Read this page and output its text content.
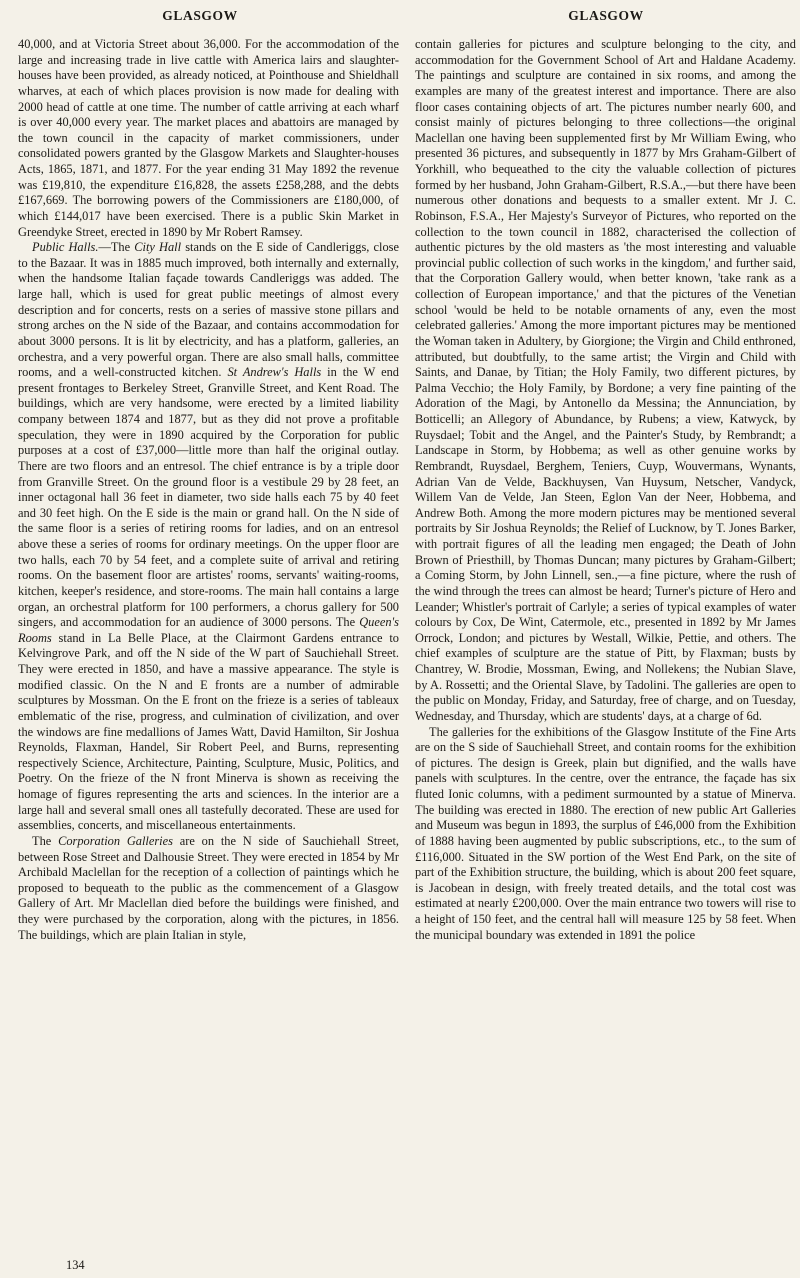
GLASGOW	GLASGOW

40,000, and at Victoria Street about 36,000. For the accommodation of the large and increasing trade in live cattle with America lairs and slaughter-houses have been provided, as already noticed, at Pointhouse and Shieldhall wharves, at each of which places provision is now made for dealing with 2000 head of cattle at one time. The number of cattle arriving at each wharf is over 40,000 every year. The market places and abattoirs are managed by the town council in the capacity of market commissioners, under consolidated powers granted by the Glasgow Markets and Slaughter-houses Acts, 1865, 1871, and 1877. For the year ending 31 May 1892 the revenue was £19,810, the expenditure £16,828, the assets £258,288, and the debts £167,669. The borrowing powers of the Commissioners are £180,000, of which £144,017 have been exercised. There is a public Skin Market in Greendyke Street, erected in 1890 by Mr Robert Ramsey.

Public Halls.—The City Hall stands on the E side of Candleriggs, close to the Bazaar. It was in 1885 much improved, both internally and externally, when the handsome Italian façade towards Candleriggs was added. The large hall, which is used for great public meetings of almost every description and for concerts, rests on a series of massive stone pillars and strong arches on the N side of the Bazaar, and contains accommodation for about 3000 persons. It is lit by electricity, and has a platform, galleries, an orchestra, and a very powerful organ. There are also small halls, committee rooms, and a well-constructed kitchen. St Andrew's Halls in the W end present frontages to Berkeley Street, Granville Street, and Kent Road. The buildings, which are very handsome, were erected by a limited liability company between 1874 and 1877, but as they did not prove a profitable speculation, they were in 1890 acquired by the Corporation for public purposes at a cost of £37,000—little more than half the original outlay. There are two floors and an entresol. The chief entrance is by a triple door from Granville Street. On the ground floor is a vestibule 29 by 28 feet, an inner octagonal hall 36 feet in diameter, two side halls each 75 by 40 feet and 30 feet high. On the E side is the main or grand hall. On the N side of the same floor is a series of retiring rooms for ladies, and on an entresol above these a series of rooms for ordinary meetings. On the upper floor are two halls, each 70 by 54 feet, and a complete suite of arrival and retiring rooms. On the basement floor are artistes' rooms, servants' waiting-rooms, kitchen, keeper's residence, and store-rooms. The main hall contains a large organ, an orchestral platform for 100 performers, a chorus gallery for 500 singers, and accommodation for an audience of 3000 persons. The Queen's Rooms stand in La Belle Place, at the Clairmont Gardens entrance to Kelvingrove Park, and off the N side of the W part of Sauchiehall Street. They were erected in 1850, and have a massive appearance. The style is modified classic. On the N and E fronts are a number of admirable sculptures by Mossman. On the E front on the frieze is a series of tableaux emblematic of the rise, progress, and culmination of civilization, and over the windows are fine medallions of James Watt, David Hamilton, Sir Joshua Reynolds, Flaxman, Handel, Sir Robert Peel, and Burns, representing respectively Science, Architecture, Painting, Sculpture, Music, Politics, and Poetry. On the frieze of the N front Minerva is shown as receiving the homage of figures representing the arts and sciences. In the interior are a large hall and several small ones all tastefully decorated. These are used for assemblies, concerts, and miscellaneous entertainments.

The Corporation Galleries are on the N side of Sauchiehall Street, between Rose Street and Dalhousie Street. They were erected in 1854 by Mr Archibald Maclellan for the reception of a collection of paintings which he proposed to bequeath to the public as the commencement of a Glasgow Gallery of Art. Mr Maclellan died before the buildings were finished, and they were purchased by the corporation, along with the pictures, in 1856. The buildings, which are plain Italian in style,

contain galleries for pictures and sculpture belonging to the city, and accommodation for the Government School of Art and Haldane Academy. The paintings and sculpture are contained in six rooms, and among the examples are many of the greatest interest and importance. There are also floor cases containing objects of art. The pictures number nearly 600, and consist mainly of pictures belonging to three collections—the original Maclellan one having been supplemented first by Mr William Ewing, who presented 36 pictures, and subsequently in 1877 by Mrs Graham-Gilbert of Yorkhill, who bequeathed to the city the valuable collection of pictures formed by her husband, John Graham-Gilbert, R.S.A.,—but there have been numerous other donations and bequests to a smaller extent. Mr J. C. Robinson, F.S.A., Her Majesty's Surveyor of Pictures, who reported on the collection to the town council in 1882, characterised the collection of authentic pictures by the old masters as 'the most interesting and valuable provincial public collection of such works in the kingdom,' and further said, that the Corporation Gallery would, when better known, 'take rank as a collection of European importance,' and that the pictures of the Venetian school 'would be held to be notable ornaments of any, even the most celebrated galleries.' Among the more important pictures may be mentioned the Woman taken in Adultery, by Giorgione; the Virgin and Child enthroned, attributed, but doubtfully, to the same artist; the Virgin and Child with Saints, and Danae, by Titian; the Holy Family, two different pictures, by Palma Vecchio; the Holy Family, by Bordone; a very fine painting of the Adoration of the Magi, by Antonello da Messina; the Annunciation, by Botticelli; an Allegory of Abundance, by Rubens; a view, Katwyck, by Ruysdael; Tobit and the Angel, and the Painter's Study, by Rembrandt; a Landscape in Storm, by Hobbema; as well as other genuine works by Rembrandt, Ruysdael, Berghem, Teniers, Cuyp, Wouvermans, Wynants, Adrian Van de Velde, Backhuysen, Van Huysum, Netscher, Vandyck, Willem Van de Velde, Jan Steen, Eglon Van der Neer, Hobbema, and Andrew Both. Among the more modern pictures may be mentioned several portraits by Sir Joshua Reynolds; the Relief of Lucknow, by T. Jones Barker, with portrait figures of all the leading men engaged; the Death of John Brown of Priesthill, by Thomas Duncan; many pictures by Graham-Gilbert; a Coming Storm, by John Linnell, sen.,—a fine picture, where the rush of the wind through the trees can almost be heard; Turner's picture of Hero and Leander; Whistler's portrait of Carlyle; a series of typical examples of water colours by Cox, De Wint, Catermole, etc., presented in 1892 by Mr James Orrock, London; and pictures by Westall, Wilkie, Pettie, and others. The chief examples of sculpture are the statue of Pitt, by Flaxman; busts by Chantrey, W. Brodie, Mossman, Ewing, and Nollekens; the Nubian Slave, by A. Rossetti; and the Oriental Slave, by Tadolini. The galleries are open to the public on Monday, Friday, and Saturday, free of charge, and on Tuesday, Wednesday, and Thursday, which are students' days, at a charge of 6d.

The galleries for the exhibitions of the Glasgow Institute of the Fine Arts are on the S side of Sauchiehall Street, and contain rooms for the exhibition of pictures. The design is Greek, plain but dignified, and the walls have panels with sculptures. In the centre, over the entrance, the façade has six fluted Ionic columns, with a pediment surmounted by a statue of Minerva. The building was erected in 1880. The erection of new public Art Galleries and Museum was begun in 1893, the surplus of £46,000 from the Exhibition of 1888 having been augmented by public subscriptions, etc., to the sum of £116,000. Situated in the SW portion of the West End Park, on the site of part of the Exhibition structure, the building, which is about 200 feet square, is Jacobean in design, with freely treated details, and the total cost was estimated at nearly £200,000. Over the main entrance two towers will rise to a height of 150 feet, and the central hall will measure 125 by 58 feet. When the municipal boundary was extended in 1891 the police

134
